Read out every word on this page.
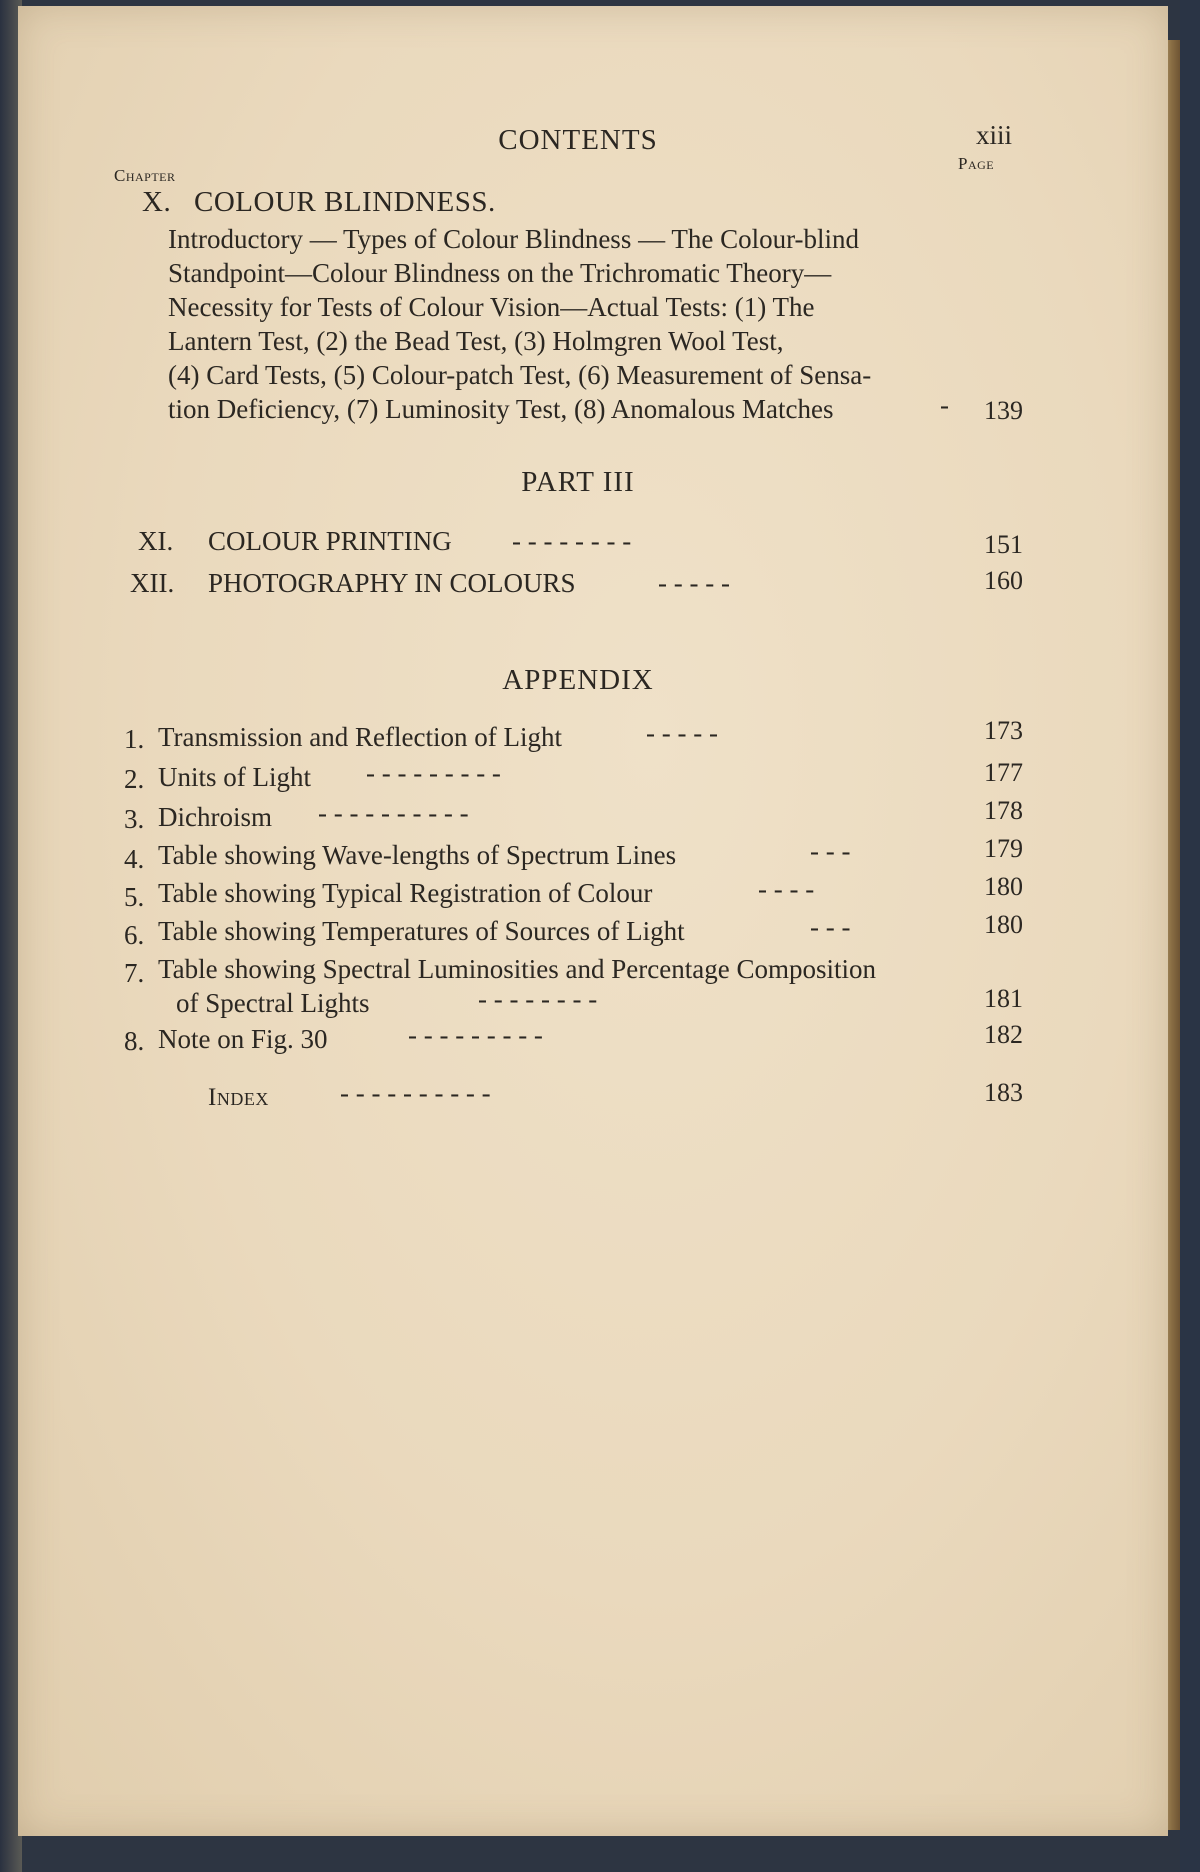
CONTENTS	xiii
Chapter
Page
X. COLOUR BLINDNESS.
Introductory — Types of Colour Blindness — The Colour-blind
Standpoint—Colour Blindness on the Trichromatic Theory—
Necessity for Tests of Colour Vision—Actual Tests: (1) The
Lantern Test, (2) the Bead Test, (3) Holmgren Wool Test,
(4) Card Tests, (5) Colour-patch Test, (6) Measurement of Sensa-
tion Deficiency, (7) Luminosity Test, (8) Anomalous Matches	- 139
PART III
XI. COLOUR PRINTING - - - - - - - -	151
XII. PHOTOGRAPHY IN COLOURS	- - - - -	160
APPENDIX
1. Transmission and Reflection of Light	- - - - -	173
2. Units of Light - - - - - - - - -	177
3. Dichroism - - - - - - - - - -	178
4. Table showing Wave-lengths of Spectrum Lines	- - -	179
5. Table showing Typical Registration of Colour	- - - -	180
6. Table showing Temperatures of Sources of Light	- - -	180
7. Table showing Spectral Luminosities and Percentage Composition
of Spectral Lights	- - - - - - - -	181
8. Note on Fig. 30	- - - - - - - - -	182
Index	- - - - - - - - - -	183
